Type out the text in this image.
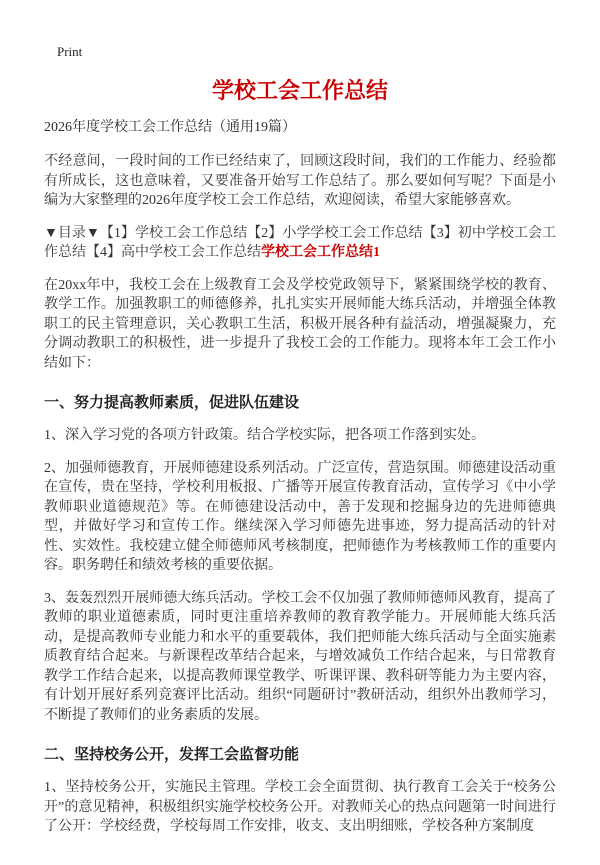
Print
学校工会工作总结

2026年度学校工会工作总结（通用19篇）

不经意间，一段时间的工作已经结束了，回顾这段时间，我们的工作能力、经验都有所成长，这也意味着，又要准备开始写工作总结了。那么要如何写呢？下面是小编为大家整理的2026年度学校工会工作总结，欢迎阅读，希望大家能够喜欢。

▼目录▼【1】学校工会工作总结【2】小学学校工会工作总结【3】初中学校工会工作总结【4】高中学校工会工作总结学校工会工作总结1

在20xx年中，我校工会在上级教育工会及学校党政领导下，紧紧围绕学校的教育、教学工作。加强教职工的师德修养，扎扎实实开展师能大练兵活动，并增强全体教职工的民主管理意识，关心教职工生活，积极开展各种有益活动，增强凝聚力，充分调动教职工的积极性，进一步提升了我校工会的工作能力。现将本年工会工作小结如下：

一、努力提高教师素质，促进队伍建设

1、深入学习党的各项方针政策。结合学校实际，把各项工作落到实处。

2、加强师德教育，开展师德建设系列活动。广泛宣传，营造氛围。师德建设活动重在宣传，贵在坚持，学校利用板报、广播等开展宣传教育活动，宣传学习《中小学教师职业道德规范》等。在师德建设活动中，善于发现和挖掘身边的先进师德典型，并做好学习和宣传工作。继续深入学习师德先进事迹，努力提高活动的针对性、实效性。我校建立健全师德师风考核制度，把师德作为考核教师工作的重要内容。职务聘任和绩效考核的重要依据。

3、轰轰烈烈开展师德大练兵活动。学校工会不仅加强了教师师德师风教育，提高了教师的职业道德素质，同时更注重培养教师的教育教学能力。开展师能大练兵活动，是提高教师专业能力和水平的重要载体，我们把师能大练兵活动与全面实施素质教育结合起来。与新课程改革结合起来，与增效减负工作结合起来，与日常教育教学工作结合起来，以提高教师课堂教学、听课评课、教科研等能力为主要内容，有计划开展好系列竞赛评比活动。组织“同题研讨”教研活动，组织外出教师学习，不断提了教师们的业务素质的发展。

二、坚持校务公开，发挥工会监督功能

1、坚持校务公开，实施民主管理。学校工会全面贯彻、执行教育工会关于“校务公开”的意见精神，积极组织实施学校校务公开。对教师关心的热点问题第一时间进行了公开：学校经费，学校每周工作安排，收支、支出明细账，学校各种方案制度
